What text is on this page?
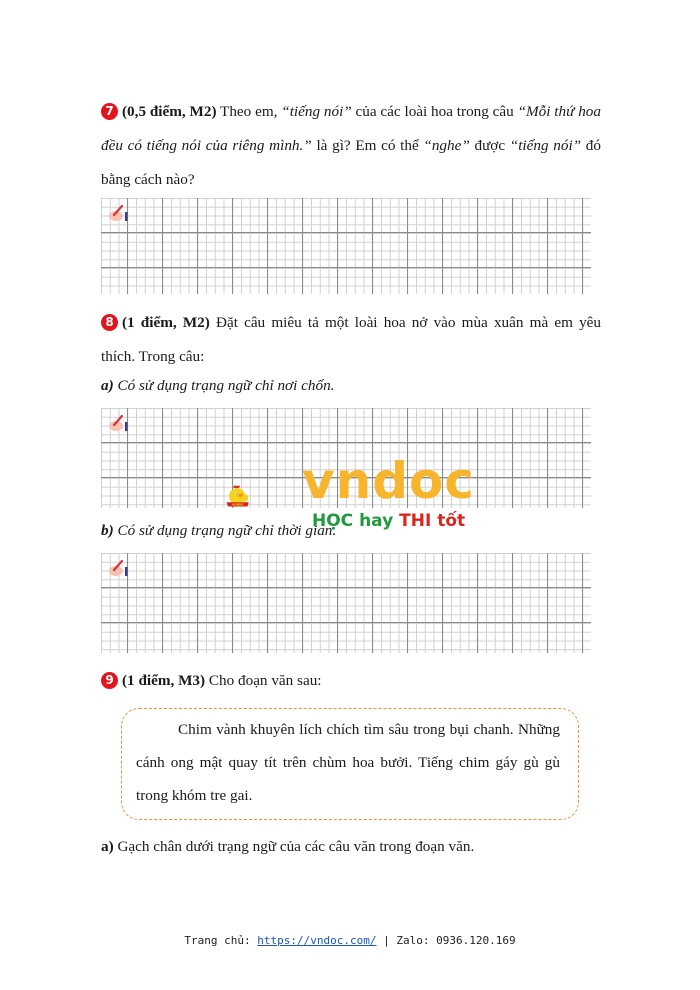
7 (0,5 điểm, M2) Theo em, “tiếng nói” của các loài hoa trong câu “Mỗi thứ hoa đều có tiếng nói của riêng mình.” là gì? Em có thể “nghe” được “tiếng nói” đó bằng cách nào?
8 (1 điểm, M2) Đặt câu miêu tả một loài hoa nở vào mùa xuân mà em yêu thích. Trong câu:
a) Có sử dụng trạng ngữ chỉ nơi chốn.
b) Có sử dụng trạng ngữ chỉ thời gian.
vndoc vndoc
HỌC hay THI tốt
9 (1 điểm, M3) Cho đoạn văn sau:
Chim vành khuyên lích chích tìm sâu trong bụi chanh. Những cánh ong mật quay tít trên chùm hoa bưởi. Tiếng chim gáy gù gù trong khóm tre gai.
a) Gạch chân dưới trạng ngữ của các câu văn trong đoạn văn.
Trang chủ: https://vndoc.com/ | Zalo: 0936.120.169
